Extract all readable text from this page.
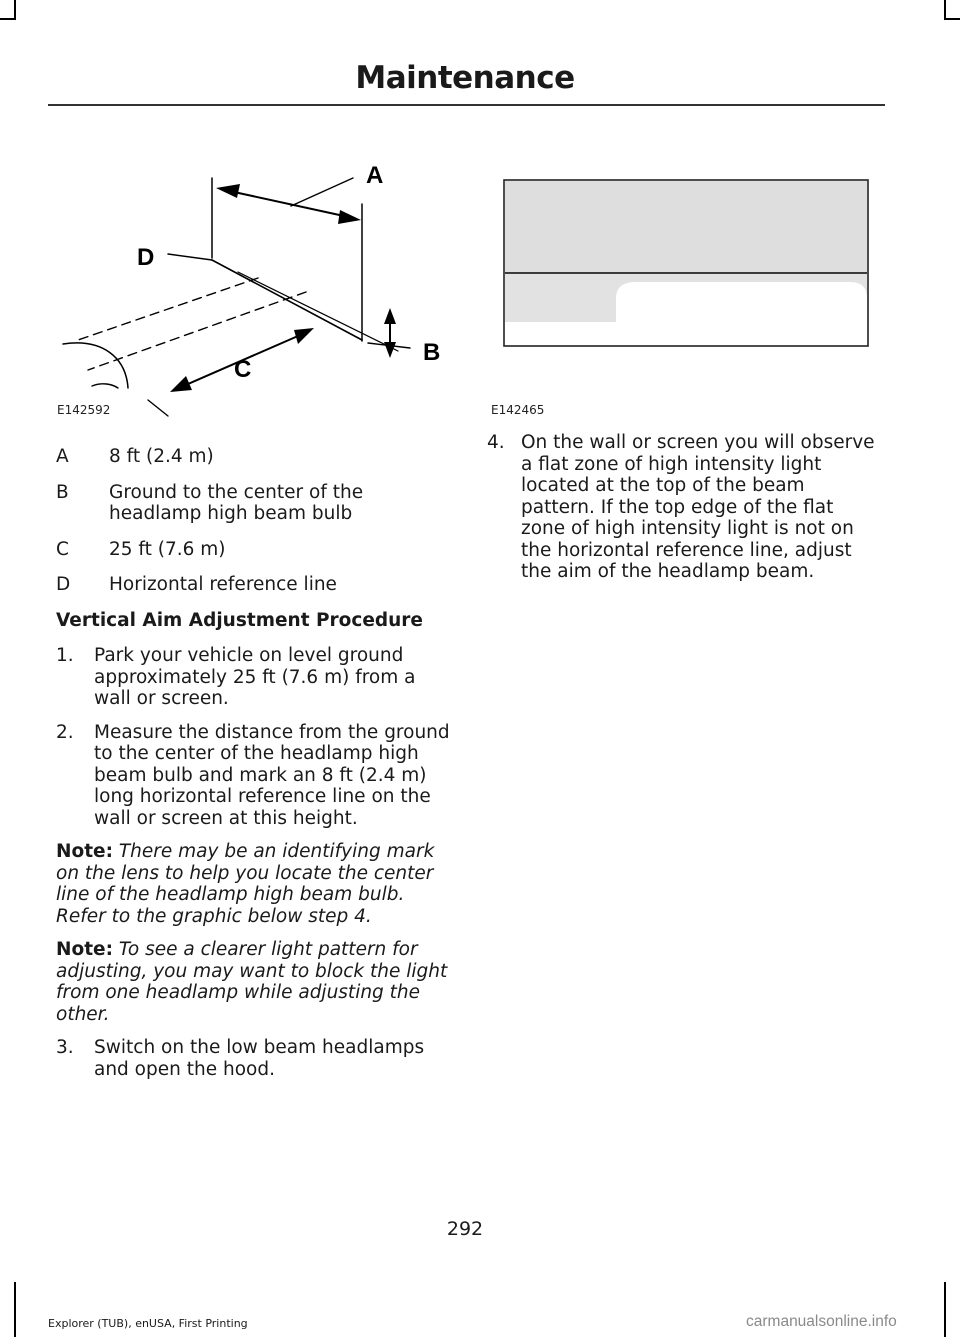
Maintenance
A
B
C
D
E142592	E142465
A	8 ft (2.4 m)
B	Ground to the center of the headlamp high beam bulb
C	25 ft (7.6 m)
D	Horizontal reference line
Vertical Aim Adjustment Procedure
1.	Park your vehicle on level ground approximately 25 ft (7.6 m) from a wall or screen.
2.	Measure the distance from the ground to the center of the headlamp high beam bulb and mark an 8 ft (2.4 m) long horizontal reference line on the wall or screen at this height.
Note: There may be an identifying mark on the lens to help you locate the center line of the headlamp high beam bulb. Refer to the graphic below step 4.
Note: To see a clearer light pattern for adjusting, you may want to block the light from one headlamp while adjusting the other.
3.	Switch on the low beam headlamps and open the hood.
4. On the wall or screen you will observe a flat zone of high intensity light located at the top of the beam pattern. If the top edge of the flat zone of high intensity light is not on the horizontal reference line, adjust the aim of the headlamp beam.
292
Explorer (TUB), enUSA, First Printing	carmanualsonline.info
